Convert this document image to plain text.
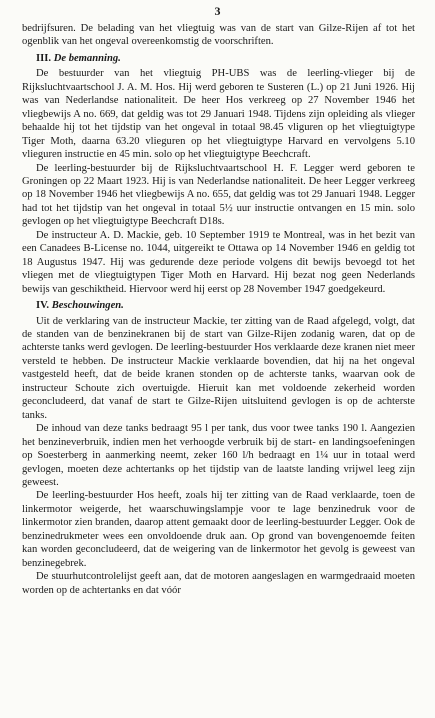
3

bedrijfsuren. De belading van het vliegtuig was van de start van Gilze-Rijen af tot het ogenblik van het ongeval overeenkomstig de voorschriften.

III. De bemanning.

De bestuurder van het vliegtuig PH-UBS was de leerling-vlieger bij de Rijksluchtvaartschool J. A. M. Hos. Hij werd geboren te Susteren (L.) op 21 Juni 1926. Hij was van Nederlandse nationaliteit. De heer Hos verkreeg op 27 November 1946 het vliegbewijs A no. 669, dat geldig was tot 29 Januari 1948. Tijdens zijn opleiding als vlieger behaalde hij tot het tijdstip van het ongeval in totaal 98.45 vliguren op het vliegtuigtype Tiger Moth, daarna 63.20 vlieguren op het vliegtuigtype Harvard en vervolgens 5.10 vlieguren instructie en 45 min. solo op het vliegtuigtype Beechcraft.

De leerling-bestuurder bij de Rijksluchtvaartschool H. F. Legger werd geboren te Groningen op 22 Maart 1923. Hij is van Nederlandse nationaliteit. De heer Legger verkreeg op 18 November 1946 het vliegbewijs A no. 655, dat geldig was tot 29 Januari 1948. Legger had tot het tijdstip van het ongeval in totaal 5½ uur instructie ontvangen en 15 min. solo gevlogen op het vliegtuigtype Beechcraft D18s.

De instructeur A. D. Mackie, geb. 10 September 1919 te Montreal, was in het bezit van een Canadees B-License no. 1044, uitgereikt te Ottawa op 14 November 1946 en geldig tot 18 Augustus 1947. Hij was gedurende deze periode volgens dit bewijs bevoegd tot het vliegen met de vliegtuigtypen Tiger Moth en Harvard. Hij bezat nog geen Nederlands bewijs van geschiktheid. Hiervoor werd hij eerst op 28 November 1947 goedgekeurd.

IV. Beschouwingen.

Uit de verklaring van de instructeur Mackie, ter zitting van de Raad afgelegd, volgt, dat de standen van de benzinekranen bij de start van Gilze-Rijen zodanig waren, dat op de achterste tanks werd gevlogen. De leerling-bestuurder Hos verklaarde deze kranen niet meer versteld te hebben. De instructeur Mackie verklaarde bovendien, dat hij na het ongeval vastgesteld heeft, dat de beide kranen stonden op de achterste tanks, waarvan ook de instructeur Schoute zich overtuigde. Hieruit kan met voldoende zekerheid worden geconcludeerd, dat vanaf de start te Gilze-Rijen uitsluitend gevlogen is op de achterste tanks.

De inhoud van deze tanks bedraagt 95 l per tank, dus voor twee tanks 190 l. Aangezien het benzineverbruik, indien men het verhoogde verbruik bij de start- en landingsoefeningen op Soesterberg in aanmerking neemt, zeker 160 l/h bedraagt en 1¼ uur in totaal werd gevlogen, moeten deze achtertanks op het tijdstip van de laatste landing vrijwel leeg zijn geweest.

De leerling-bestuurder Hos heeft, zoals hij ter zitting van de Raad verklaarde, toen de linkermotor weigerde, het waarschuwingslampje voor te lage benzinedruk voor de linkermotor zien branden, daarop attent gemaakt door de leerling-bestuurder Legger. Ook de benzinedrukmeter wees een onvoldoende druk aan. Op grond van bovengenoemde feiten kan worden geconcludeerd, dat de weigering van de linkermotor het gevolg is geweest van benzinegebrek.

De stuurhutcontrolelijst geeft aan, dat de motoren aangeslagen en warmgedraaid moeten worden op de achtertanks en dat vóór
